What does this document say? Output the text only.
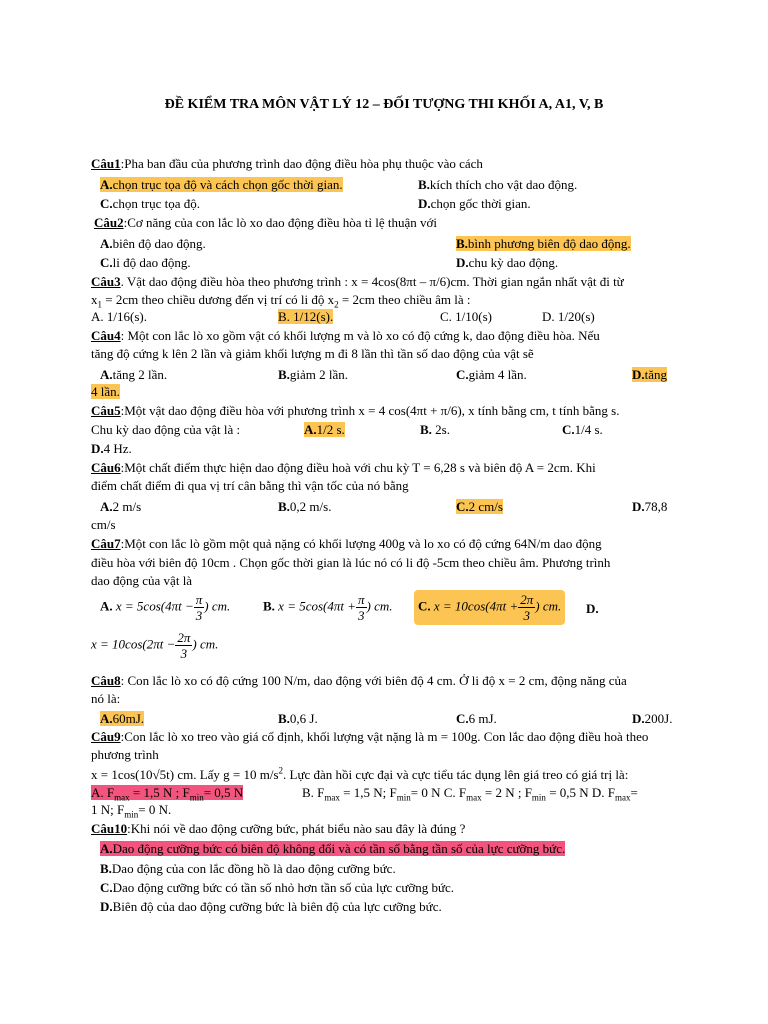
ĐỀ KIỂM TRA MÔN VẬT LÝ 12 – ĐỐI TƯỢNG THI KHỐI A, A1, V, B
Câu1:Pha ban đầu của phương trình dao động điều hòa phụ thuộc vào cách
A.chọn trục tọa độ và cách chọn gốc thời gian.	B.kích thích cho vật dao động.
C.chọn trục tọa độ.	D.chọn gốc thời gian.
Câu2:Cơ năng của con lắc lò xo dao động điều hòa tỉ lệ thuận với
A.biên độ dao động.	B.bình phương biên độ dao động.
C.li độ dao động.	D.chu kỳ dao động.
Câu3. Vật dao động điều hòa theo phương trình : x = 4cos(8πt – π/6)cm. Thời gian ngắn nhất vật đi từ
$x_1 = 2cm$ theo chiều dương đến vị trí có li độ $x_2 = 2cm$ theo chiều âm là :
A. 1/16(s).	B. 1/12(s).	C. 1/10(s)	D. 1/20(s)
Câu4: Một con lắc lò xo gồm vật có khối lượng m và lò xo có độ cứng k, dao động điều hòa. Nếu
tăng độ cứng k lên 2 lần và giảm khối lượng m đi 8 lần thì tần số dao động của vật sẽ
A.tăng 2 lần.	B.giảm 2 lần.	C.giảm 4 lần.	D.tăng
4 lần.
Câu5:Một vật dao động điều hòa với phương trình x = 4 cos(4πt + π/6), x tính bằng cm, t tính bằng s.
Chu kỳ dao động của vật là :	A.1/2 s.	B. 2s.	C.1/4 s.
D.4 Hz.
Câu6:Một chất điểm thực hiện dao động điều hoà với chu kỳ T = 6,28 s và biên độ A = 2cm. Khi
điểm chất điểm đi qua vị trí cân bằng thì vận tốc của nó bằng
A.2 m/s	B.0,2 m/s.	C.2 cm/s	D.78,8
cm/s
Câu7:Một con lắc lò gồm một quả nặng có khối lượng 400g và lo xo có độ cứng 64N/m dao động
điều hòa với biên độ 10cm . Chọn gốc thời gian là lúc nó có li độ -5cm theo chiều âm. Phương trình
dao động của vật là
A. $x = 5\cos(4\pi t - \frac{\pi}{3}$ ) cm.	B. $x = 5\cos(4\pi t + \frac{\pi}{3}$ ) cm.	C. $x = 10\cos(4\pi t + \frac{2\pi}{3}$ ) cm.	D.
$x = 10\cos(2\pi t - \frac{2\pi}{3}$ ) cm.
Câu8: Con lắc lò xo có độ cứng 100 N/m, dao động với biên độ 4 cm. Ở li độ x = 2 cm, động năng của
nó là:
A.60mJ.	B.0,6 J.	C.6 mJ.	D.200J.
Câu9:Con lắc lò xo treo vào giá cố định, khối lượng vật nặng là m = 100g. Con lắc dao động điều hoà theo
phương trình
x = 1cos(10√5t) cm. Lấy g = 10 $m/s^2$. Lực đàn hồi cực đại và cực tiểu tác dụng lên giá treo có giá trị là:
A. $F_{max} = 1,5$ N ; $F_{min}= 0,5$ N	B. $F_{max} = 1,5$ N; $F_{min}= 0$ N C. $F_{max} = 2$ N ; $F_{min} = 0,5$ N D. $F_{max}=$
1 N; $F_{min}= 0$ N.
Câu10:Khi nói về dao động cưỡng bức, phát biểu nào sau đây là đúng ?
A.Dao động cưỡng bức có biên độ không đổi và có tần số bằng tần số của lực cưỡng bức.
B.Dao động của con lắc đồng hồ là dao động cưỡng bức.
C.Dao động cưỡng bức có tần số nhỏ hơn tần số của lực cưỡng bức.
D.Biên độ của dao động cưỡng bức là biên độ của lực cưỡng bức.
